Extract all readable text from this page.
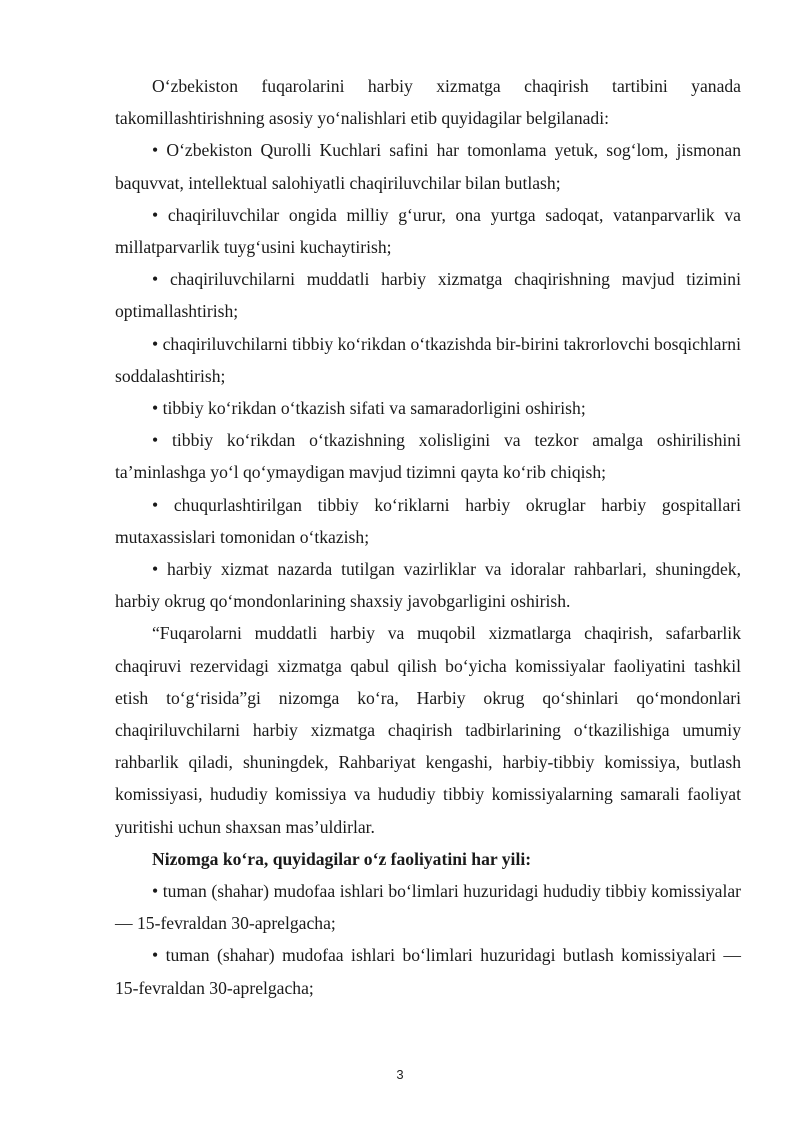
O‘zbekiston fuqarolarini harbiy xizmatga chaqirish tartibini yanada takomillashtirishning asosiy yo‘nalishlari etib quyidagilar belgilanadi:

• O‘zbekiston Qurolli Kuchlari safini har tomonlama yetuk, sog‘lom, jismonan baquvvat, intellektual salohiyatli chaqiriluvchilar bilan butlash;

• chaqiriluvchilar ongida milliy g‘urur, ona yurtga sadoqat, vatanparvarlik va millatparvarlik tuyg‘usini kuchaytirish;

• chaqiriluvchilarni muddatli harbiy xizmatga chaqirishning mavjud tizimini optimallashtirish;

• chaqiriluvchilarni tibbiy ko‘rikdan o‘tkazishda bir-birini takrorlovchi bosqichlarni soddalashtirish;

• tibbiy ko‘rikdan o‘tkazish sifati va samaradorligini oshirish;

• tibbiy ko‘rikdan o‘tkazishning xolisligini va tezkor amalga oshirilishini ta’minlashga yo‘l qo‘ymaydigan mavjud tizimni qayta ko‘rib chiqish;

• chuqurlashtirilgan tibbiy ko‘riklarni harbiy okruglar harbiy gospitallari mutaxassislari tomonidan o‘tkazish;

• harbiy xizmat nazarda tutilgan vazirliklar va idoralar rahbarlari, shuningdek, harbiy okrug qo‘mondonlarining shaxsiy javobgarligini oshirish.

“Fuqarolarni muddatli harbiy va muqobil xizmatlarga chaqirish, safarbarlik chaqiruvi rezervidagi xizmatga qabul qilish bo‘yicha komissiyalar faoliyatini tashkil etish to‘g‘risida”gi nizomga ko‘ra, Harbiy okrug qo‘shinlari qo‘mondonlari chaqiriluvchilarni harbiy xizmatga chaqirish tadbirlarining o‘tkazilishiga umumiy rahbarlik qiladi, shuningdek, Rahbariyat kengashi, harbiy-tibbiy komissiya, butlash komissiyasi, hududiy komissiya va hududiy tibbiy komissiyalarning samarali faoliyat yuritishi uchun shaxsan mas’uldirlar.

Nizomga ko‘ra, quyidagilar o‘z faoliyatini har yili:

• tuman (shahar) mudofaa ishlari bo‘limlari huzuridagi hududiy tibbiy komissiyalar — 15-fevraldan 30-aprelgacha;

• tuman (shahar) mudofaa ishlari bo‘limlari huzuridagi butlash komissiyalari — 15-fevraldan 30-aprelgacha;

3
